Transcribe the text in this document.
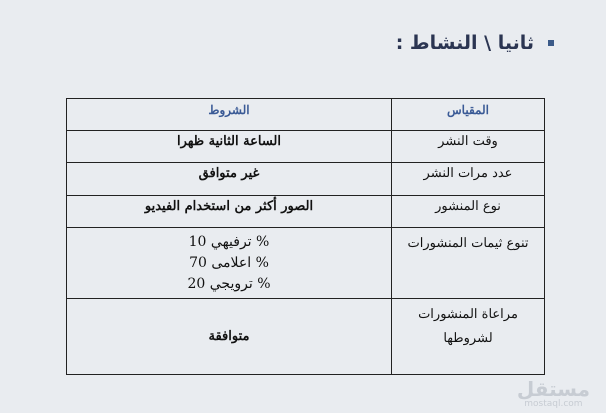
ثانيا \ النشاط :
المقياس	الشروط
وقت النشر	الساعة الثانية ظهرا

عدد مرات النشر	غير متوافق

نوع المنشور	الصور أكثر من استخدام الفيديو

تنوع ثيمات المنشورات	% ترفيهي 10
% اعلامى 70
% ترويجي 20

مراعاة المنشورات لشروطها	متوافقة
مستقل
mostaql.com
